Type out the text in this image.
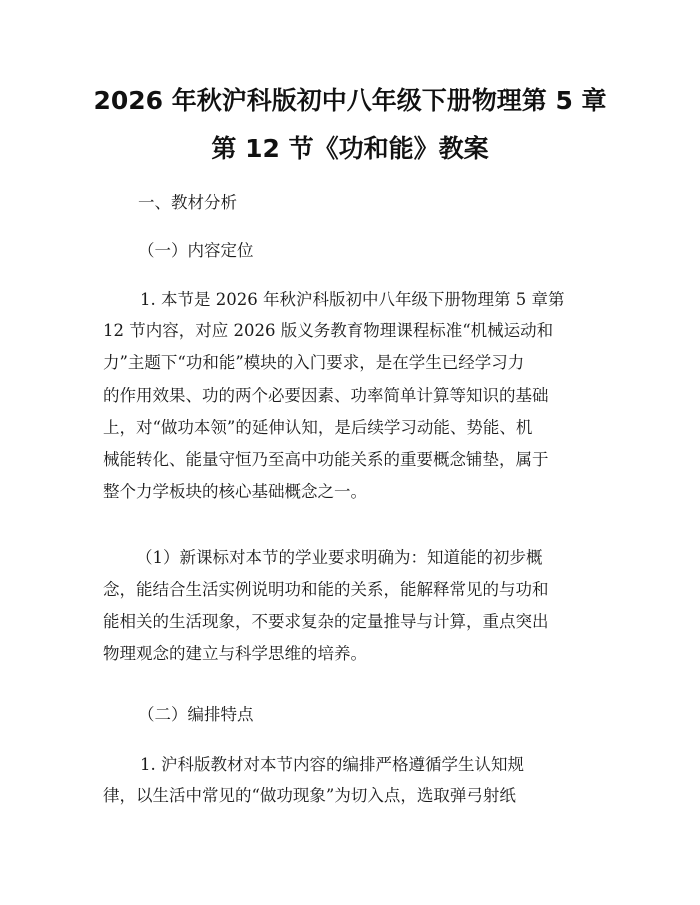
2026 年秋沪科版初中八年级下册物理第 5 章
第 12 节《功和能》教案
一、教材分析
（一）内容定位
1. 本节是 2026 年秋沪科版初中八年级下册物理第 5 章第
12 节内容，对应 2026 版义务教育物理课程标准“机械运动和
力”主题下“功和能”模块的入门要求，是在学生已经学习力
的作用效果、功的两个必要因素、功率简单计算等知识的基础
上，对“做功本领”的延伸认知，是后续学习动能、势能、机
械能转化、能量守恒乃至高中功能关系的重要概念铺垫，属于
整个力学板块的核心基础概念之一。
（1）新课标对本节的学业要求明确为：知道能的初步概
念，能结合生活实例说明功和能的关系，能解释常见的与功和
能相关的生活现象，不要求复杂的定量推导与计算，重点突出
物理观念的建立与科学思维的培养。
（二）编排特点
1. 沪科版教材对本节内容的编排严格遵循学生认知规
律，以生活中常见的“做功现象”为切入点，选取弹弓射纸
